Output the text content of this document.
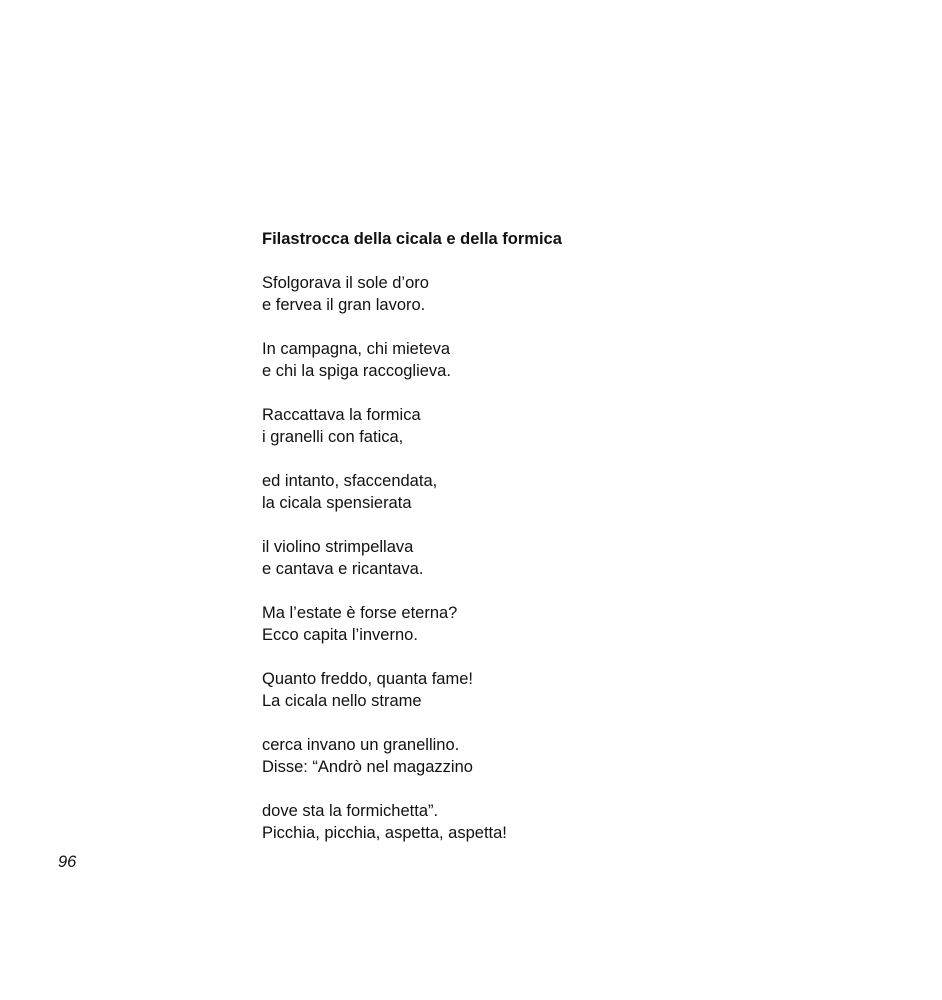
Filastrocca della cicala e della formica
Sfolgorava il sole d’oro
e fervea il gran lavoro.
In campagna, chi mieteva
e chi la spiga raccoglieva.
Raccattava la formica
i granelli con fatica,
ed intanto, sfaccendata,
la cicala spensierata
il violino strimpellava
e cantava e ricantava.
Ma l’estate è forse eterna?
Ecco capita l’inverno.
Quanto freddo, quanta fame!
La cicala nello strame
cerca invano un granellino.
Disse: “Andrò nel magazzino
dove sta la formichetta”.
Picchia, picchia, aspetta, aspetta!
96
